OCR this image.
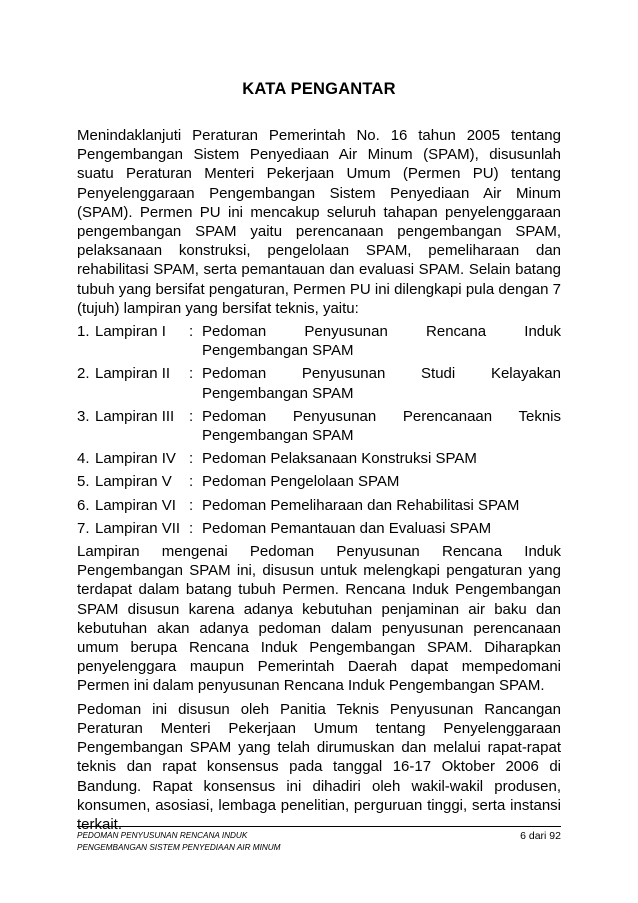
KATA PENGANTAR

Menindaklanjuti Peraturan Pemerintah No. 16 tahun 2005 tentang Pengembangan Sistem Penyediaan Air Minum (SPAM), disusunlah suatu Peraturan Menteri Pekerjaan Umum (Permen PU) tentang Penyelenggaraan Pengembangan Sistem Penyediaan Air Minum (SPAM). Permen PU ini mencakup seluruh tahapan penyelenggaraan pengembangan SPAM yaitu perencanaan pengembangan SPAM, pelaksanaan konstruksi, pengelolaan SPAM, pemeliharaan dan rehabilitasi SPAM, serta pemantauan dan evaluasi SPAM. Selain batang tubuh yang bersifat pengaturan, Permen PU ini dilengkapi pula dengan 7 (tujuh) lampiran yang bersifat teknis, yaitu:

1. Lampiran I	: Pedoman Penyusunan Rencana Induk Pengembangan SPAM
2. Lampiran II	: Pedoman Penyusunan Studi Kelayakan Pengembangan SPAM
3. Lampiran III : Pedoman Penyusunan Perencanaan Teknis Pengembangan SPAM
4. Lampiran IV : Pedoman Pelaksanaan Konstruksi SPAM
5. Lampiran V	: Pedoman Pengelolaan SPAM
6. Lampiran VI : Pedoman Pemeliharaan dan Rehabilitasi SPAM
7. Lampiran VII : Pedoman Pemantauan dan Evaluasi SPAM

Lampiran mengenai Pedoman Penyusunan Rencana Induk Pengembangan SPAM ini, disusun untuk melengkapi pengaturan yang terdapat dalam batang tubuh Permen. Rencana Induk Pengembangan SPAM disusun karena adanya kebutuhan penjaminan air baku dan kebutuhan akan adanya pedoman dalam penyusunan perencanaan umum berupa Rencana Induk Pengembangan SPAM. Diharapkan penyelenggara maupun Pemerintah Daerah dapat mempedomani Permen ini dalam penyusunan Rencana Induk Pengembangan SPAM.

Pedoman ini disusun oleh Panitia Teknis Penyusunan Rancangan Peraturan Menteri Pekerjaan Umum tentang Penyelenggaraan Pengembangan SPAM yang telah dirumuskan dan melalui rapat-rapat teknis dan rapat konsensus pada tanggal 16-17 Oktober 2006 di Bandung. Rapat konsensus ini dihadiri oleh wakil-wakil produsen, konsumen, asosiasi, lembaga penelitian, perguruan tinggi, serta instansi terkait.

PEDOMAN PENYUSUNAN RENCANA INDUK
PENGEMBANGAN SISTEM PENYEDIAAN AIR MINUM
6 dari 92
